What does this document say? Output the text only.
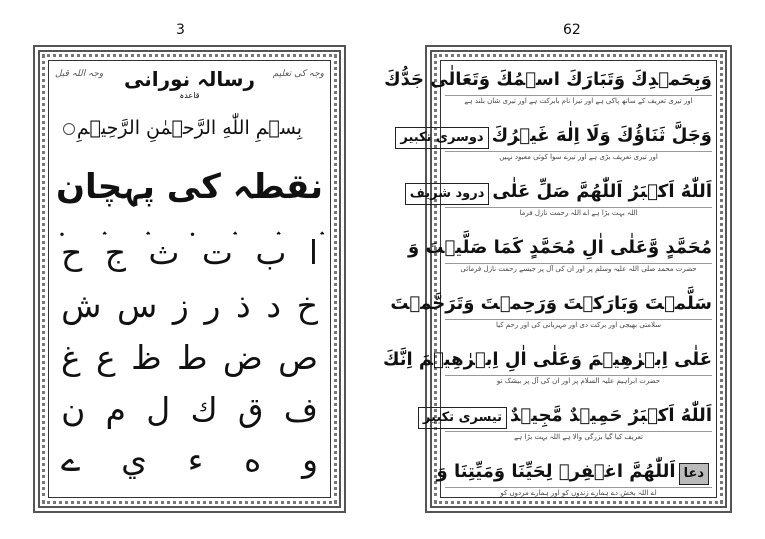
3	62
وجہ اللہ قبل رسالہ نورانی
قاعدہ
وجہ کی تعلیم
بِسۡمِ اللّٰهِ الرَّحۡمٰنِ الرَّحِيۡمِ
نقطہ کی پہچان
ا
ب
ت
ث
ج
ح
خ
د
ذ
ر
ز
س
ش
ص
ض
ط
ظ
ع
غ
ف
ق
ك
ل
م
ن
و
ه
ء
ي
ے
وَبِحَمۡدِكَ وَتَبَارَكَ اسۡمُكَ وَتَعَالٰى جَدُّكَ
اور تیری تعریف کے ساتھ پاکی ہے اور تیرا نام بابرکت ہے اور تیری شان بلند ہے
وَجَلَّ ثَنَاؤُكَ وَلَا اِلٰهَ غَيۡرُكَدوسری تکبیر
اور تیری تعریف بڑی ہے اور تیرے سوا کوئی معبود نہیں
اَللّٰهُ اَكۡبَرُاَللّٰهُمَّ صَلِّ عَلٰىدرود شریف
اللہ بہت بڑا ہے اے اللہ رحمت نازل فرما
مُحَمَّدٍ وَّعَلٰى اٰلِ مُحَمَّدٍ كَمَا صَلَّيۡتَ وَ
حضرت محمد صلی اللہ علیہ وسلم پر اور ان کی آل پر جیسے رحمت نازل فرمائی
سَلَّمۡتَ وَبَارَكۡتَ وَرَحِمۡتَ وَتَرَحَّمۡتَ
سلامتی بھیجی اور برکت دی اور مہربانی کی اور رحم کیا
عَلٰى اِبۡرٰهِيۡمَ وَعَلٰى اٰلِ اِبۡرٰهِيۡمَ اِنَّكَ
حضرت ابراہیم علیہ السلام پر اور ان کی آل پر بیشک تو
اَللّٰهُ اَكۡبَرُحَمِيۡدٌ مَّجِيۡدٌتیسری تکبیر
تعریف کیا گیا بزرگی والا ہے اللہ بہت بڑا ہے
دعااَللّٰهُمَّ اغۡفِرۡ لِحَيِّنَا وَمَيِّتِنَا وَ
اے اللہ بخش دے ہمارے زندوں کو اور ہمارے مردوں کو
